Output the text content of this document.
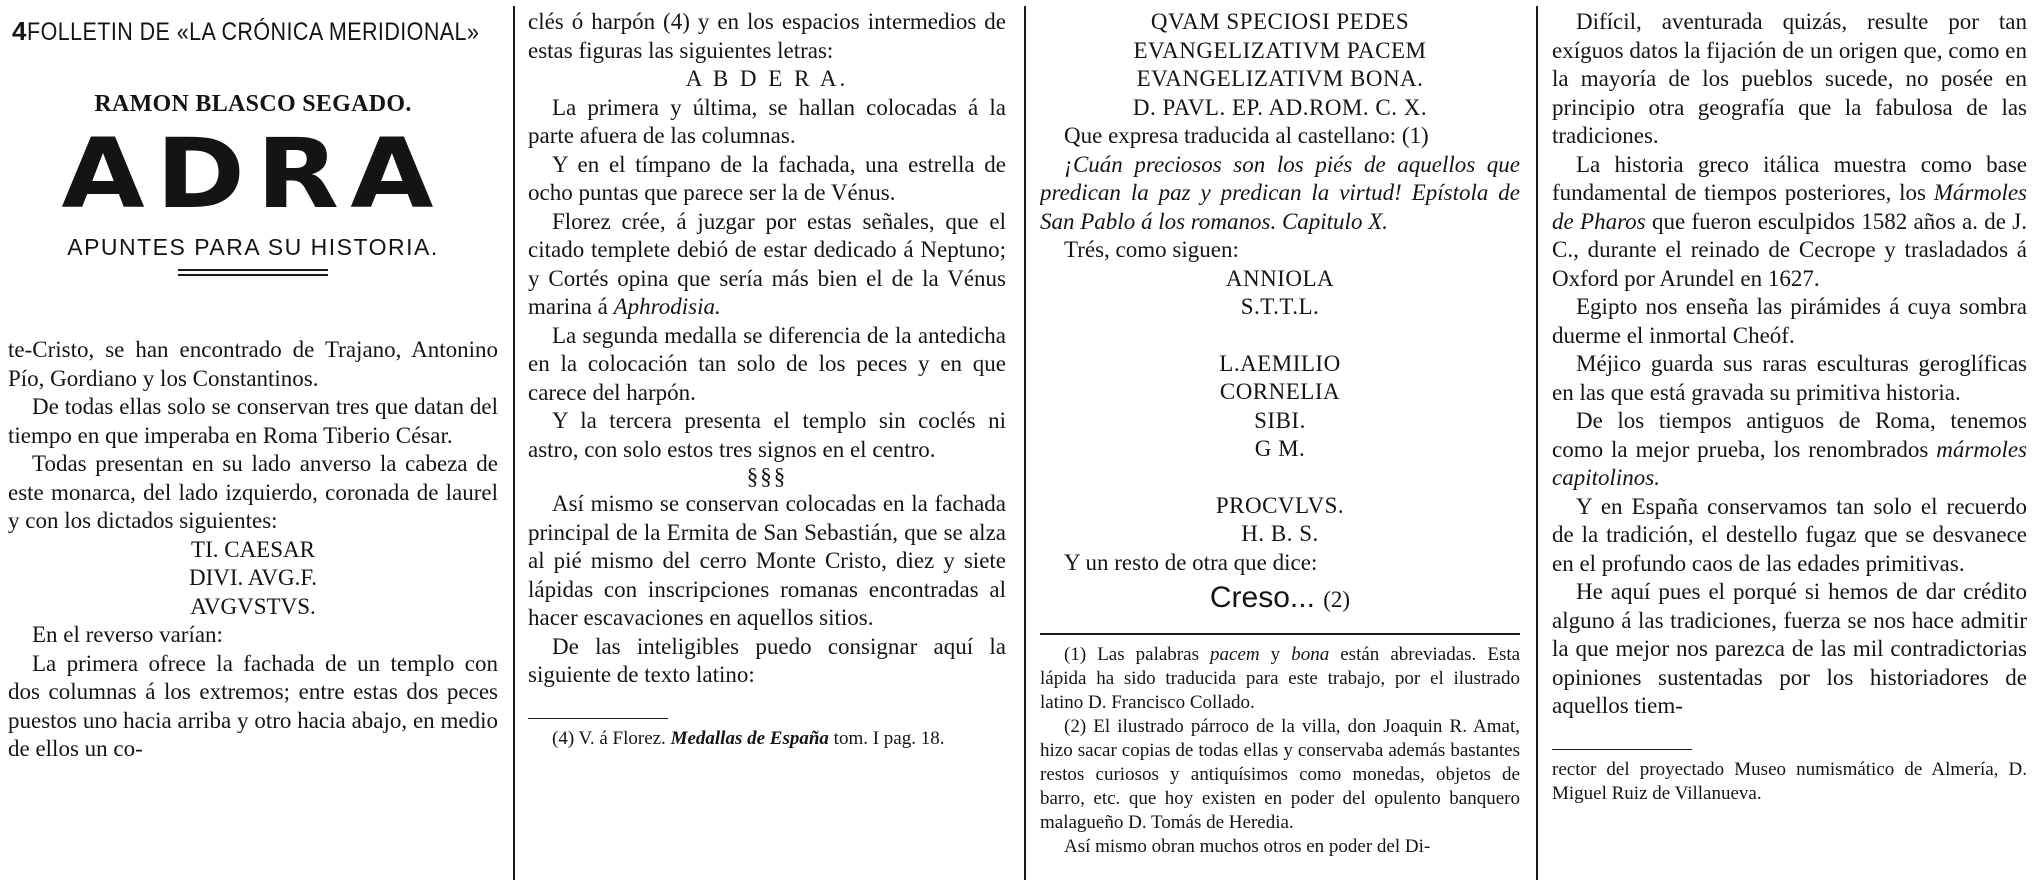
4 FOLLETIN DE «LA CRÓNICA MERIDIONAL»
RAMON BLASCO SEGADO.
ADRA
APUNTES PARA SU HISTORIA.

te-Cristo, se han encontrado de Trajano, Antonino Pío, Gordiano y los Constantinos.

De todas ellas solo se conservan tres que datan del tiempo en que imperaba en Roma Tiberio César.

Todas presentan en su lado anverso la cabeza de este monarca, del lado izquierdo, coronada de laurel y con los dictados siguientes:

TI. CAESAR

DIVI. AVG.F.

AVGVSTVS.

En el reverso varían:

La primera ofrece la fachada de un templo con dos columnas á los extremos; entre estas dos peces puestos uno hacia arriba y otro hacia abajo, en medio de ellos un co-

clés ó harpón (4) y en los espacios intermedios de estas figuras las siguientes letras:

A B D E R A.

La primera y última, se hallan colocadas á la parte afuera de las columnas.

Y en el tímpano de la fachada, una estrella de ocho puntas que parece ser la de Vénus.

Florez crée, á juzgar por estas señales, que el citado templete debió de estar dedicado á Neptuno; y Cortés opina que sería más bien el de la Vénus marina á Aphrodisia.

La segunda medalla se diferencia de la antedicha en la colocación tan solo de los peces y en que carece del harpón.

Y la tercera presenta el templo sin coclés ni astro, con solo estos tres signos en el centro.

§§§

Así mismo se conservan colocadas en la fachada principal de la Ermita de San Sebastián, que se alza al pié mismo del cerro Monte Cristo, diez y siete lápidas con inscripciones romanas encontradas al hacer escavaciones en aquellos sitios.

De las inteligibles puedo consignar aquí la siguiente de texto latino:

(4) V. á Florez. Medallas de España tom. I pag. 18.

QVAM SPECIOSI PEDES
EVANGELIZATIVM PACEM
EVANGELIZATIVM BONA.
D. PAVL. EP. AD.ROM. C. X.

Que expresa traducida al castellano: (1)

¡Cuán preciosos son los piés de aquellos que predican la paz y predican la virtud! Epístola de San Pablo á los romanos. Capitulo X.

Trés, como siguen:

ANNIOLA
S.T.T.L.
L.AEMILIO
CORNELIA
SIBI.
G M.
PROCVLVS.
H. B. S.

Y un resto de otra que dice:

Creso... (2)

(1) Las palabras pacem y bona están abreviadas. Esta lápida ha sido traducida para este trabajo, por el ilustrado latino D. Francisco Collado.

(2) El ilustrado párroco de la villa, don Joaquin R. Amat, hizo sacar copias de todas ellas y conservaba además bastantes restos curiosos y antiquísimos como monedas, objetos de barro, etc. que hoy existen en poder del opulento banquero malagueño D. Tomás de Heredia.

Así mismo obran muchos otros en poder del Di-

Difícil, aventurada quizás, resulte por tan exíguos datos la fijación de un origen que, como en la mayoría de los pueblos sucede, no posée en principio otra geografía que la fabulosa de las tradiciones.

La historia greco itálica muestra como base fundamental de tiempos posteriores, los Mármoles de Pharos que fueron esculpidos 1582 años a. de J. C., durante el reinado de Cecrope y trasladados á Oxford por Arundel en 1627.

Egipto nos enseña las pirámides á cuya sombra duerme el inmortal Cheóf.

Méjico guarda sus raras esculturas geroglíficas en las que está gravada su primitiva historia.

De los tiempos antiguos de Roma, tenemos como la mejor prueba, los renombrados mármoles capitolinos.

Y en España conservamos tan solo el recuerdo de la tradición, el destello fugaz que se desvanece en el profundo caos de las edades primitivas.

He aquí pues el porqué si hemos de dar crédito alguno á las tradiciones, fuerza se nos hace admitir la que mejor nos parezca de las mil contradictorias opiniones sustentadas por los historiadores de aquellos tiem-

rector del proyectado Museo numismático de Almería, D. Miguel Ruiz de Villanueva.
